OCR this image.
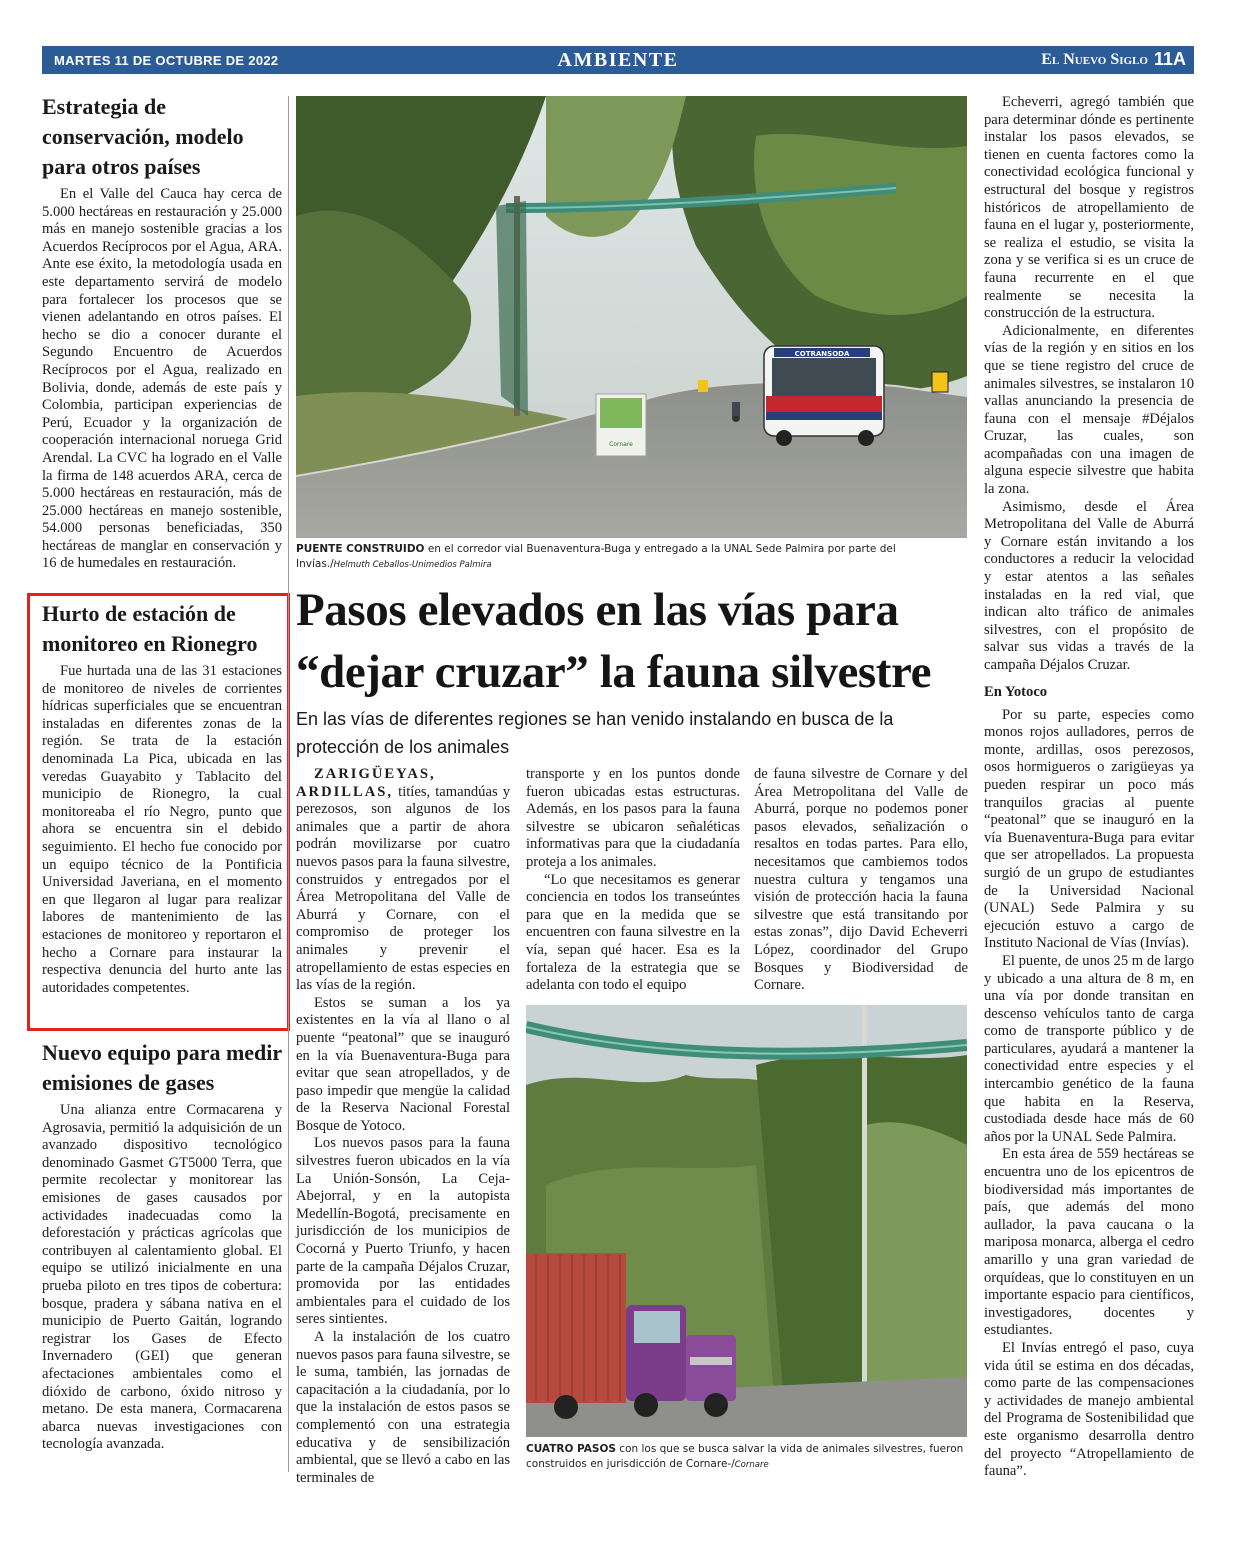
MARTES 11 DE OCTUBRE DE 2022	AMBIENTE	El Nuevo Siglo 11A
Estrategia de conservación, modelo para otros países

En el Valle del Cauca hay cerca de 5.000 hectáreas en restauración y 25.000 más en manejo sostenible gracias a los Acuerdos Recíprocos por el Agua, ARA. Ante ese éxito, la metodología usada en este departamento servirá de modelo para fortalecer los procesos que se vienen adelantando en otros países. El hecho se dio a conocer durante el Segundo Encuentro de Acuerdos Recíprocos por el Agua, realizado en Bolivia, donde, además de este país y Colombia, participan experiencias de Perú, Ecuador y la organización de cooperación internacional noruega Grid Arendal. La CVC ha logrado en el Valle la firma de 148 acuerdos ARA, cerca de 5.000 hectáreas en restauración, más de 25.000 hectáreas en manejo sostenible, 54.000 personas beneficiadas, 350 hectáreas de manglar en conservación y 16 de humedales en restauración.

Hurto de estación de monitoreo en Rionegro

Fue hurtada una de las 31 estaciones de monitoreo de niveles de corrientes hídricas superficiales que se encuentran instaladas en diferentes zonas de la región. Se trata de la estación denominada La Pica, ubicada en las veredas Guayabito y Tablacito del municipio de Rionegro, la cual monitoreaba el río Negro, punto que ahora se encuentra sin el debido seguimiento. El hecho fue conocido por un equipo técnico de la Pontificia Universidad Javeriana, en el momento en que llegaron al lugar para realizar labores de mantenimiento de las estaciones de monitoreo y reportaron el hecho a Cornare para instaurar la respectiva denuncia del hurto ante las autoridades competentes.

Nuevo equipo para medir emisiones de gases

Una alianza entre Cormacarena y Agrosavia, permitió la adquisición de un avanzado dispositivo tecnológico denominado Gasmet GT5000 Terra, que permite recolectar y monitorear las emisiones de gases causados por actividades inadecuadas como la deforestación y prácticas agrícolas que contribuyen al calentamiento global. El equipo se utilizó inicialmente en una prueba piloto en tres tipos de cobertura: bosque, pradera y sábana nativa en el municipio de Puerto Gaitán, logrando registrar los Gases de Efecto Invernadero (GEI) que generan afectaciones ambientales como el dióxido de carbono, óxido nitroso y metano. De esta manera, Cormacarena abarca nuevas investigaciones con tecnología avanzada.

Cornare
COTRANSODA
PUENTE CONSTRUIDO en el corredor vial Buenaventura-Buga y entregado a la UNAL Sede Palmira por parte del Invías./Helmuth Ceballos-Unimedios Palmira
Pasos elevados en las vías para “dejar cruzar” la fauna silvestre
En las vías de diferentes regiones se han venido instalando en busca de la protección de los animales

ZARIGÜEYAS, ARDILLAS, titíes, tamandúas y perezosos, son algunos de los animales que a partir de ahora podrán movilizarse por cuatro nuevos pasos para la fauna silvestre, construidos y entregados por el Área Metropolitana del Valle de Aburrá y Cornare, con el compromiso de proteger los animales y prevenir el atropellamiento de estas especies en las vías de la región.

Estos se suman a los ya existentes en la vía al llano o al puente “peatonal” que se inauguró en la vía Buenaventura-Buga para evitar que sean atropellados, y de paso impedir que mengüe la calidad de la Reserva Nacional Forestal Bosque de Yotoco.

Los nuevos pasos para la fauna silvestres fueron ubicados en la vía La Unión-Sonsón, La Ceja-Abejorral, y en la autopista Medellín-Bogotá, precisamente en jurisdicción de los municipios de Cocorná y Puerto Triunfo, y hacen parte de la campaña Déjalos Cruzar, promovida por las entidades ambientales para el cuidado de los seres sintientes.

A la instalación de los cuatro nuevos pasos para fauna silvestre, se le suma, también, las jornadas de capacitación a la ciudadanía, por lo que la instalación de estos pasos se complementó con una estrategia educativa y de sensibilización ambiental, que se llevó a cabo en las terminales de

transporte y en los puntos donde fueron ubicadas estas estructuras. Además, en los pasos para la fauna silvestre se ubicaron señaléticas informativas para que la ciudadanía proteja a los animales.

“Lo que necesitamos es generar conciencia en todos los transeúntes para que en la medida que se encuentren con fauna silvestre en la vía, sepan qué hacer. Esa es la fortaleza de la estrategia que se adelanta con todo el equipo

de fauna silvestre de Cornare y del Área Metropolitana del Valle de Aburrá, porque no podemos poner pasos elevados, señalización o resaltos en todas partes. Para ello, necesitamos que cambiemos todos nuestra cultura y tengamos una visión de protección hacia la fauna silvestre que está transitando por estas zonas”, dijo David Echeverri López, coordinador del Grupo Bosques y Biodiversidad de Cornare.

CUATRO PASOS con los que se busca salvar la vida de animales silvestres, fueron construidos en jurisdicción de Cornare-/Cornare

Echeverri, agregó también que para determinar dónde es pertinente instalar los pasos elevados, se tienen en cuenta factores como la conectividad ecológica funcional y estructural del bosque y registros históricos de atropellamiento de fauna en el lugar y, posteriormente, se realiza el estudio, se visita la zona y se verifica si es un cruce de fauna recurrente en el que realmente se necesita la construcción de la estructura.

Adicionalmente, en diferentes vías de la región y en sitios en los que se tiene registro del cruce de animales silvestres, se instalaron 10 vallas anunciando la presencia de fauna con el mensaje #Déjalos Cruzar, las cuales, son acompañadas con una imagen de alguna especie silvestre que habita la zona.

Asimismo, desde el Área Metropolitana del Valle de Aburrá y Cornare están invitando a los conductores a reducir la velocidad y estar atentos a las señales instaladas en la red vial, que indican alto tráfico de animales silvestres, con el propósito de salvar sus vidas a través de la campaña Déjalos Cruzar.

En Yotoco

Por su parte, especies como monos rojos aulladores, perros de monte, ardillas, osos perezosos, osos hormigueros o zarigüeyas ya pueden respirar un poco más tranquilos gracias al puente “peatonal” que se inauguró en la vía Buenaventura-Buga para evitar que ser atropellados. La propuesta surgió de un grupo de estudiantes de la Universidad Nacional (UNAL) Sede Palmira y su ejecución estuvo a cargo de Instituto Nacional de Vías (Invías).

El puente, de unos 25 m de largo y ubicado a una altura de 8 m, en una vía por donde transitan en descenso vehículos tanto de carga como de transporte público y de particulares, ayudará a mantener la conectividad entre especies y el intercambio genético de la fauna que habita en la Reserva, custodiada desde hace más de 60 años por la UNAL Sede Palmira.

En esta área de 559 hectáreas se encuentra uno de los epicentros de biodiversidad más importantes de país, que además del mono aullador, la pava caucana o la mariposa monarca, alberga el cedro amarillo y una gran variedad de orquídeas, que lo constituyen en un importante espacio para científicos, investigadores, docentes y estudiantes.

El Invías entregó el paso, cuya vida útil se estima en dos décadas, como parte de las compensaciones y actividades de manejo ambiental del Programa de Sostenibilidad que este organismo desarrolla dentro del proyecto “Atropellamiento de fauna”.
